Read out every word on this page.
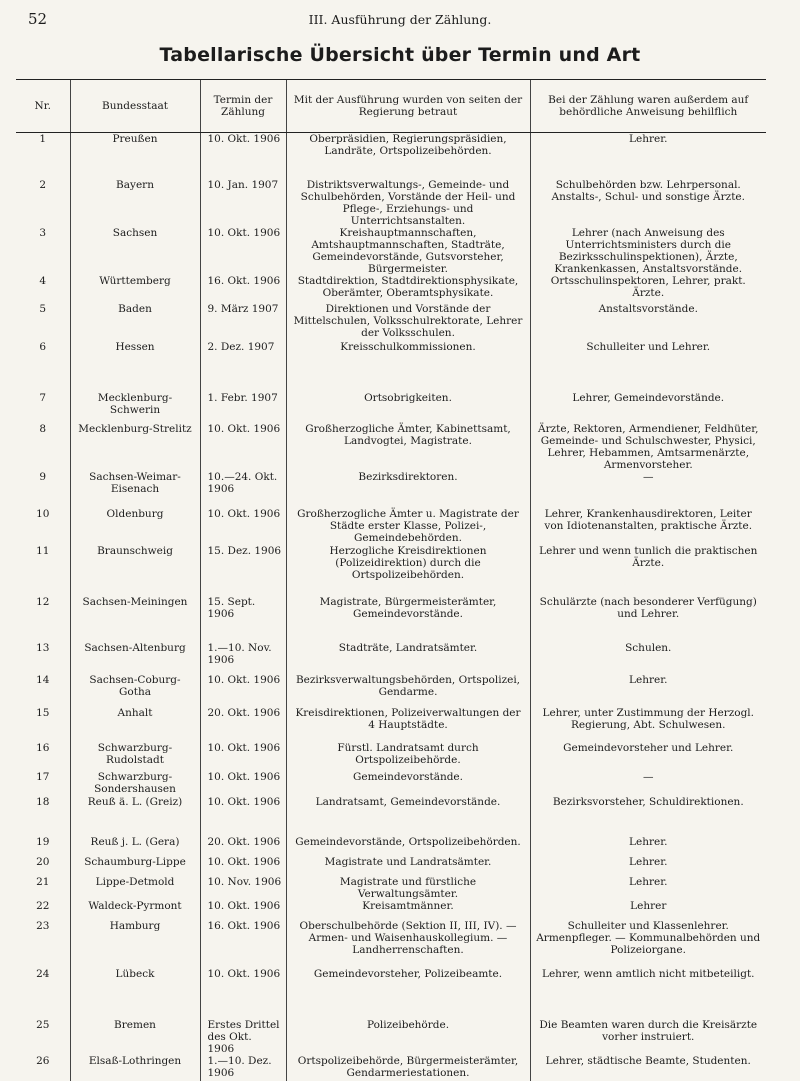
52	III. Ausführung der Zählung.
Tabellarische Übersicht über Termin und Art
Nr.	Bundesstaat	Termin der Zählung	Mit der Ausführung wurden von seiten der Regierung betraut	Bei der Zählung waren außerdem auf behördliche Anweisung behilflich
1	Preußen	10. Okt. 1906	Oberpräsidien, Regierungspräsidien, Landräte, Ortspolizeibehörden.	Lehrer.
2	Bayern	10. Jan. 1907	Distriktsverwaltungs-, Gemeinde- und Schulbehörden, Vorstände der Heil- und Pflege-, Erziehungs- und Unterrichtsanstalten.	Schulbehörden bzw. Lehrpersonal. Anstalts-, Schul- und sonstige Ärzte.
3	Sachsen	10. Okt. 1906	Kreishauptmannschaften, Amtshauptmannschaften, Stadträte, Gemeindevorstände, Gutsvorsteher, Bürgermeister.	Lehrer (nach Anweisung des Unterrichtsministers durch die Bezirksschulinspektionen), Ärzte, Krankenkassen, Anstaltsvorstände.
4	Württemberg	16. Okt. 1906	Stadtdirektion, Stadtdirektionsphysikate, Oberämter, Oberamtsphysikate.	Ortsschulinspektoren, Lehrer, prakt. Ärzte.
5	Baden	9. März 1907	Direktionen und Vorstände der Mittelschulen, Volksschulrektorate, Lehrer der Volksschulen.	Anstaltsvorstände.
6	Hessen	2. Dez. 1907	Kreisschulkommissionen.	Schulleiter und Lehrer.
7	Mecklenburg-Schwerin	1. Febr. 1907	Ortsobrigkeiten.	Lehrer, Gemeindevorstände.
8	Mecklenburg-Strelitz	10. Okt. 1906	Großherzogliche Ämter, Kabinettsamt, Landvogtei, Magistrate.	Ärzte, Rektoren, Armendiener, Feldhüter, Gemeinde- und Schulschwester, Physici, Lehrer, Hebammen, Amtsarmenärzte, Armenvorsteher.
9	Sachsen-Weimar-Eisenach	10.—24. Okt. 1906	Bezirksdirektoren.	—
10	Oldenburg	10. Okt. 1906	Großherzogliche Ämter u. Magistrate der Städte erster Klasse, Polizei-, Gemeindebehörden.	Lehrer, Krankenhausdirektoren, Leiter von Idiotenanstalten, praktische Ärzte.
11	Braunschweig	15. Dez. 1906	Herzogliche Kreisdirektionen (Polizeidirektion) durch die Ortspolizeibehörden.	Lehrer und wenn tunlich die praktischen Ärzte.
12	Sachsen-Meiningen	15. Sept. 1906	Magistrate, Bürgermeisterämter, Gemeindevorstände.	Schulärzte (nach besonderer Verfügung) und Lehrer.
13	Sachsen-Altenburg	1.—10. Nov. 1906	Stadträte, Landratsämter.	Schulen.
14	Sachsen-Coburg-Gotha	10. Okt. 1906	Bezirksverwaltungsbehörden, Ortspolizei, Gendarme.	Lehrer.
15	Anhalt	20. Okt. 1906	Kreisdirektionen, Polizeiverwaltungen der 4 Hauptstädte.	Lehrer, unter Zustimmung der Herzogl. Regierung, Abt. Schulwesen.
16	Schwarzburg-Rudolstadt	10. Okt. 1906	Fürstl. Landratsamt durch Ortspolizeibehörde.	Gemeindevorsteher und Lehrer.
17	Schwarzburg-Sondershausen	10. Okt. 1906	Gemeindevorstände.	—
18	Reuß ä. L. (Greiz)	10. Okt. 1906	Landratsamt, Gemeindevorstände.	Bezirksvorsteher, Schuldirektionen.
19	Reuß j. L. (Gera)	20. Okt. 1906	Gemeindevorstände, Ortspolizeibehörden.	Lehrer.
20	Schaumburg-Lippe	10. Okt. 1906	Magistrate und Landratsämter.	Lehrer.
21	Lippe-Detmold	10. Nov. 1906	Magistrate und fürstliche Verwaltungsämter.	Lehrer.
22	Waldeck-Pyrmont	10. Okt. 1906	Kreisamtmänner.	Lehrer
23	Hamburg	16. Okt. 1906	Oberschulbehörde (Sektion II, III, IV). — Armen- und Waisenhauskollegium. — Landherrenschaften.	Schulleiter und Klassenlehrer. Armenpfleger. — Kommunalbehörden und Polizeiorgane.
24	Lübeck	10. Okt. 1906	Gemeindevorsteher, Polizeibeamte.	Lehrer, wenn amtlich nicht mitbeteiligt.
25	Bremen	Erstes Drittel des Okt. 1906	Polizeibehörde.	Die Beamten waren durch die Kreisärzte vorher instruiert.
26	Elsaß-Lothringen	1.—10. Dez. 1906	Ortspolizeibehörde, Bürgermeisterämter, Gendarmeriestationen.	Lehrer, städtische Beamte, Studenten.
